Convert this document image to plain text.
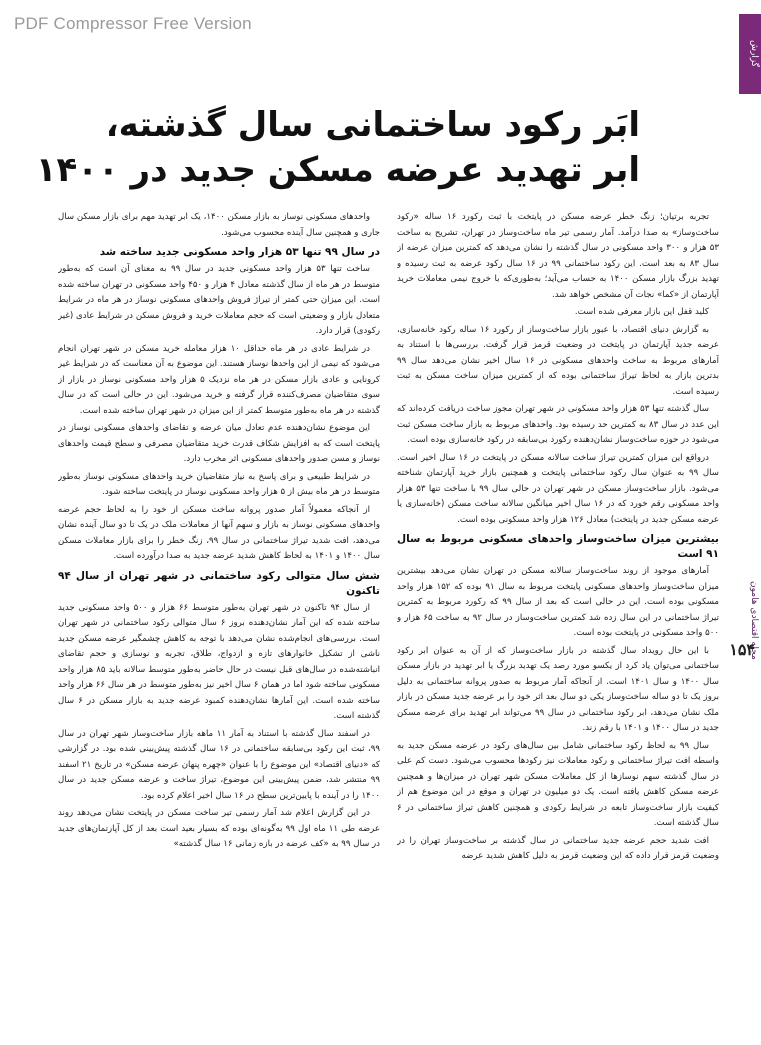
PDF Compressor Free Version
گزارش
مجله اقتصادی هامون
۱۵۴
ابَر رکود ساختمانی سال گذشته،
ابر تهدید عرضه مسکن جدید در ۱۴۰۰

تجربه برتیان؛ زنگ خطر عرضه مسکن در پایتخت با ثبت رکورد ۱۶ ساله «رکود ساخت‌وساز» به صدا درآمد. آمار رسمی تیر ماه ساخت‌وساز در تهران، تشریح به ساخت ۵۳ هزار و ۳۰۰ واحد مسکونی در سال گذشته را نشان می‌دهد که کمترین میزان عرضه از سال ۸۳ به بعد است. این رکود ساختمانی ۹۹ در ۱۶ سال رکود عرضه به ثبت رسیده و تهدید بزرگ بازار مسکن ۱۴۰۰ به حساب می‌آید؛ به‌طوری‌که با خروج نیمی معاملات خرید آپارتمان از «کما» نجات آن مشخص خواهد شد.

کلید قفل این بازار معرفی شده است.

به گزارش دنیای اقتصاد، با عبور بازار ساخت‌وساز از رکورد ۱۶ ساله رکود خانه‌سازی، عرضه جدید آپارتمان در پایتخت در وضعیت قرمز قرار گرفت. بررسی‌ها با استناد به آمارهای مربوط به ساخت واحدهای مسکونی در ۱۶ سال اخیر نشان می‌دهد سال ۹۹ بدترین بازار به لحاظ تیراژ ساختمانی بوده که از کمترین میزان ساخت مسکن به ثبت رسیده است.

سال گذشته تنها ۵۳ هزار واحد مسکونی در شهر تهران مجوز ساخت دریافت کرده‌اند که این عدد در سال ۸۳ به کمترین حد رسیده بود. واحدهای مربوط به بازار ساخت مسکن ثبت می‌شود در حوزه ساخت‌وساز نشان‌دهنده رکورد بی‌سابقه در رکود خانه‌سازی بوده است.

درواقع این میزان کمترین تیراژ ساخت سالانه مسکن در پایتخت در ۱۶ سال اخیر است. سال ۹۹ به عنوان سال رکود ساختمانی پایتخت و همچنین بازار خرید آپارتمان شناخته می‌شود. بازار ساخت‌وساز مسکن در شهر تهران در حالی سال ۹۹ با ساخت تنها ۵۳ هزار واحد مسکونی رقم خورد که در ۱۶ سال اخیر میانگین سالانه ساخت مسکن (خانه‌سازی یا عرضه مسکن جدید در پایتخت) معادل ۱۲۶ هزار واحد مسکونی بوده است.

بیشترین میزان ساخت‌وساز واحدهای مسکونی مربوط به سال ۹۱ است

آمارهای موجود از روند ساخت‌وساز سالانه مسکن در تهران نشان می‌دهد بیشترین میزان ساخت‌وساز واحدهای مسکونی پایتخت مربوط به سال ۹۱ بوده که ۱۵۲ هزار واحد مسکونی بوده است. این در حالی است که بعد از سال ۹۹ که رکورد مربوط به کمترین تیراژ ساختمانی در این سال زده شد کمترین ساخت‌وساز در سال ۹۲ به ساخت ۶۵ هزار و ۵۰۰ واحد مسکونی در پایتخت بوده است.

با این حال رویداد سال گذشته در بازار ساخت‌وساز که از آن به عنوان ابر رکود ساختمانی می‌توان یاد کرد از یکسو مورد رصد یک تهدید بزرگ یا ابر تهدید در بازار مسکن سال ۱۴۰۰ و سال ۱۴۰۱ است. از آنجاکه آمار مربوط به صدور پروانه ساختمانی به دلیل بروز یک تا دو ساله ساخت‌وساز یکی دو سال بعد اثر خود را بر عرضه جدید مسکن در بازار ملک نشان می‌دهد، ابر رکود ساختمانی در سال ۹۹ می‌تواند ابر تهدید برای عرضه مسکن جدید در سال ۱۴۰۰ و ۱۴۰۱ با رقم زند.

سال ۹۹ به لحاظ رکود ساختمانی شامل بین سال‌های رکود در عرضه مسکن جدید به واسطه افت تیراژ ساختمانی و رکود معاملات نیز رکود‌ها محسوب می‌شود. دست کم علی در سال گذشته سهم نوسازها از کل معاملات مسکن شهر تهران در میزان‌ها و همچنین عرضه مسکن کاهش یافته است. یک دو میلیون در تهران و موقع در این موضوع هم از کیفیت بازار ساخت‌وساز تابعه در شرایط رکودی و همچنین کاهش تیراژ ساختمانی در ۶ سال گذشته است.

افت شدید حجم عرضه جدید ساختمانی در سال گذشته بر ساخت‌وساز تهران را در وضعیت قرمز قرار داده که این وضعیت قرمز به دلیل کاهش شدید عرضه

واحدهای مسکونی نوساز به بازار مسکن ۱۴۰۰، یک ابر تهدید مهم برای بازار مسکن سال جاری و همچنین سال آینده محسوب می‌شود.

در سال ۹۹ تنها ۵۳ هزار واحد مسکونی جدید ساخته شد

ساخت تنها ۵۳ هزار واحد مسکونی جدید در سال ۹۹ به معنای آن است که به‌طور متوسط در هر ماه از سال گذشته معادل ۴ هزار و ۴۵۰ واحد مسکونی در تهران ساخته شده است. این میزان حتی کمتر از تیراژ فروش واحدهای مسکونی نوساز در هر ماه در شرایط متعادل بازار و وضعیتی است که حجم معاملات خرید و فروش مسکن در شرایط عادی (غیر رکودی) قرار دارد.

در شرایط عادی در هر ماه حداقل ۱۰ هزار معامله خرید مسکن در شهر تهران انجام می‌شود که نیمی از این واحدها نوساز هستند. این موضوع به آن معناست که در شرایط غیر کرونایی و عادی بازار مسکن در هر ماه نزدیک ۵ هزار واحد مسکونی نوساز در بازار از سوی متقاضیان مصرف‌کننده قرار گرفته و خرید می‌شود. این در حالی است که در سال گذشته در هر ماه به‌طور متوسط کمتر از این میزان در شهر تهران ساخته شده است.

این موضوع نشان‌دهنده عدم تعادل میان عرضه و تقاضای واحدهای مسکونی نوساز در پایتخت است که به افزایش شکاف قدرت خرید متقاضیان مصرفی و سطح قیمت واحدهای نوساز و مسن صدور واحدهای مسکونی اثر مخرب دارد.

در شرایط طبیعی و برای پاسخ به نیاز متقاضیان خرید واحدهای مسکونی نوساز به‌طور متوسط در هر ماه بیش از ۵ هزار واحد مسکونی نوساز در پایتخت ساخته شود.

از آنجاکه معمولاً آمار صدور پروانه ساخت مسکن از خود را به لحاظ حجم عرضه واحدهای مسکونی نوساز به بازار و سهم آنها از معاملات ملک در یک تا دو سال آینده نشان می‌دهد، افت شدید تیراژ ساختمانی در سال ۹۹، زنگ خطر را برای بازار معاملات مسکن سال ۱۴۰۰ و ۱۴۰۱ به لحاظ کاهش شدید عرضه جدید به صدا درآورده است.

شش سال متوالی رکود ساختمانی در شهر تهران از سال ۹۴ تاکنون

از سال ۹۴ تاکنون در شهر تهران به‌طور متوسط ۶۶ هزار و ۵۰۰ واحد مسکونی جدید ساخته شده که این آمار نشان‌دهنده بروز ۶ سال متوالی رکود ساختمانی در شهر تهران است. بررسی‌های انجام‌شده نشان می‌دهد با توجه به کاهش چشمگیر عرضه مسکن جدید ناشی از تشکیل خانوارهای تازه و ازدواج، طلاق، تجربه و نوسازی و حجم تقاضای انباشته‌شده در سال‌های قبل نیست در حال حاضر به‌طور متوسط سالانه باید ۸۵ هزار واحد مسکونی ساخته شود اما در همان ۶ سال اخیر نیز به‌طور متوسط در هر سال ۶۶ هزار واحد ساخته شده است. این آمارها نشان‌دهنده کمبود عرضه جدید به بازار مسکن در ۶ سال گذشته است.

در اسفند سال گذشته با استناد به آمار ۱۱ ماهه بازار ساخت‌وساز شهر تهران در سال ۹۹، ثبت این رکود بی‌سابقه ساختمانی در ۱۶ سال گذشته پیش‌بینی شده بود. در گزارشی که «دنیای اقتصاد» این موضوع را با عنوان «چهره پنهان عرضه مسکن» در تاریخ ۲۱ اسفند ۹۹ منتشر شد، ضمن پیش‌بینی این موضوع، تیراژ ساخت و عرضه مسکن جدید در سال ۱۴۰۰ را در آینده با پایین‌ترین سطح در ۱۶ سال اخیر اعلام کرده بود.

در این گزارش اعلام شد آمار رسمی تیر ساخت مسکن در پایتخت نشان می‌دهد روند عرضه طی ۱۱ ماه اول ۹۹ به‌گونه‌ای بوده که بسیار بعید است بعد از کل آپارتمان‌های جدید در سال ۹۹ به «کف عرضه در بازه زمانی ۱۶ سال گذشته»
